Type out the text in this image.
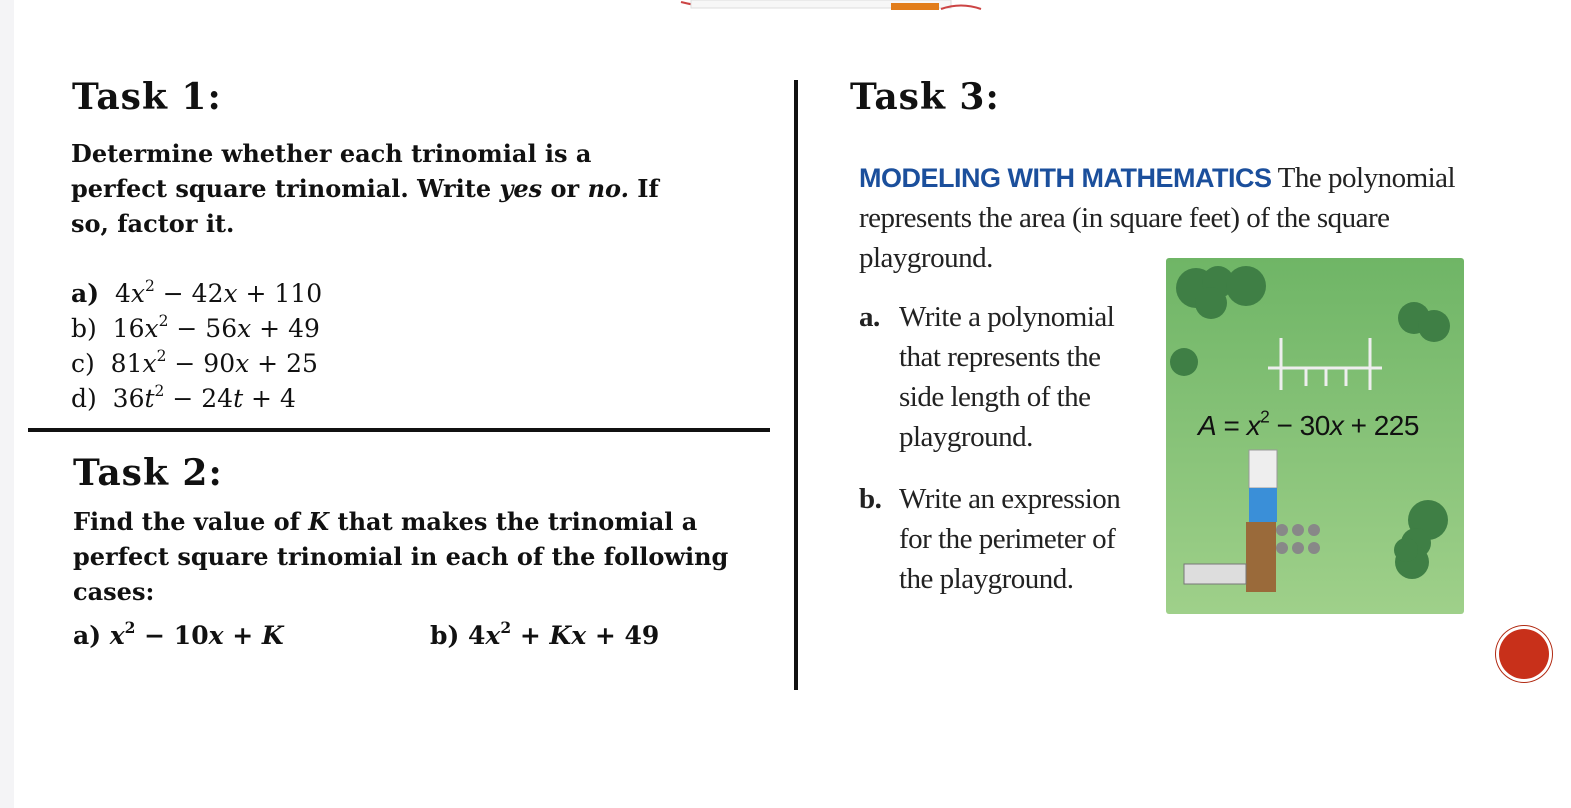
Task 1:
Determine whether each trinomial is a
perfect square trinomial. Write yes or no. If
so, factor it.
a) $4x^2 - 42x + 110$
b) $16x^2 - 56x + 49$
c) $81x^2 - 90x + 25$
d) $36t^2 - 24t + 4$
Task 2:
Find the value of K that makes the trinomial a
perfect square trinomial in each of the following
cases:
a) $x^2 - 10x + K$	b) $4x^2 + Kx + 49$
Task 3:
MODELING WITH MATHEMATICS The polynomial
represents the area (in square feet) of the square
playground.
a. Write a polynomial
that represents the
side length of the
playground.
b. Write an expression
for the perimeter of
the playground.
$A = x^2 - 30x + 225$
